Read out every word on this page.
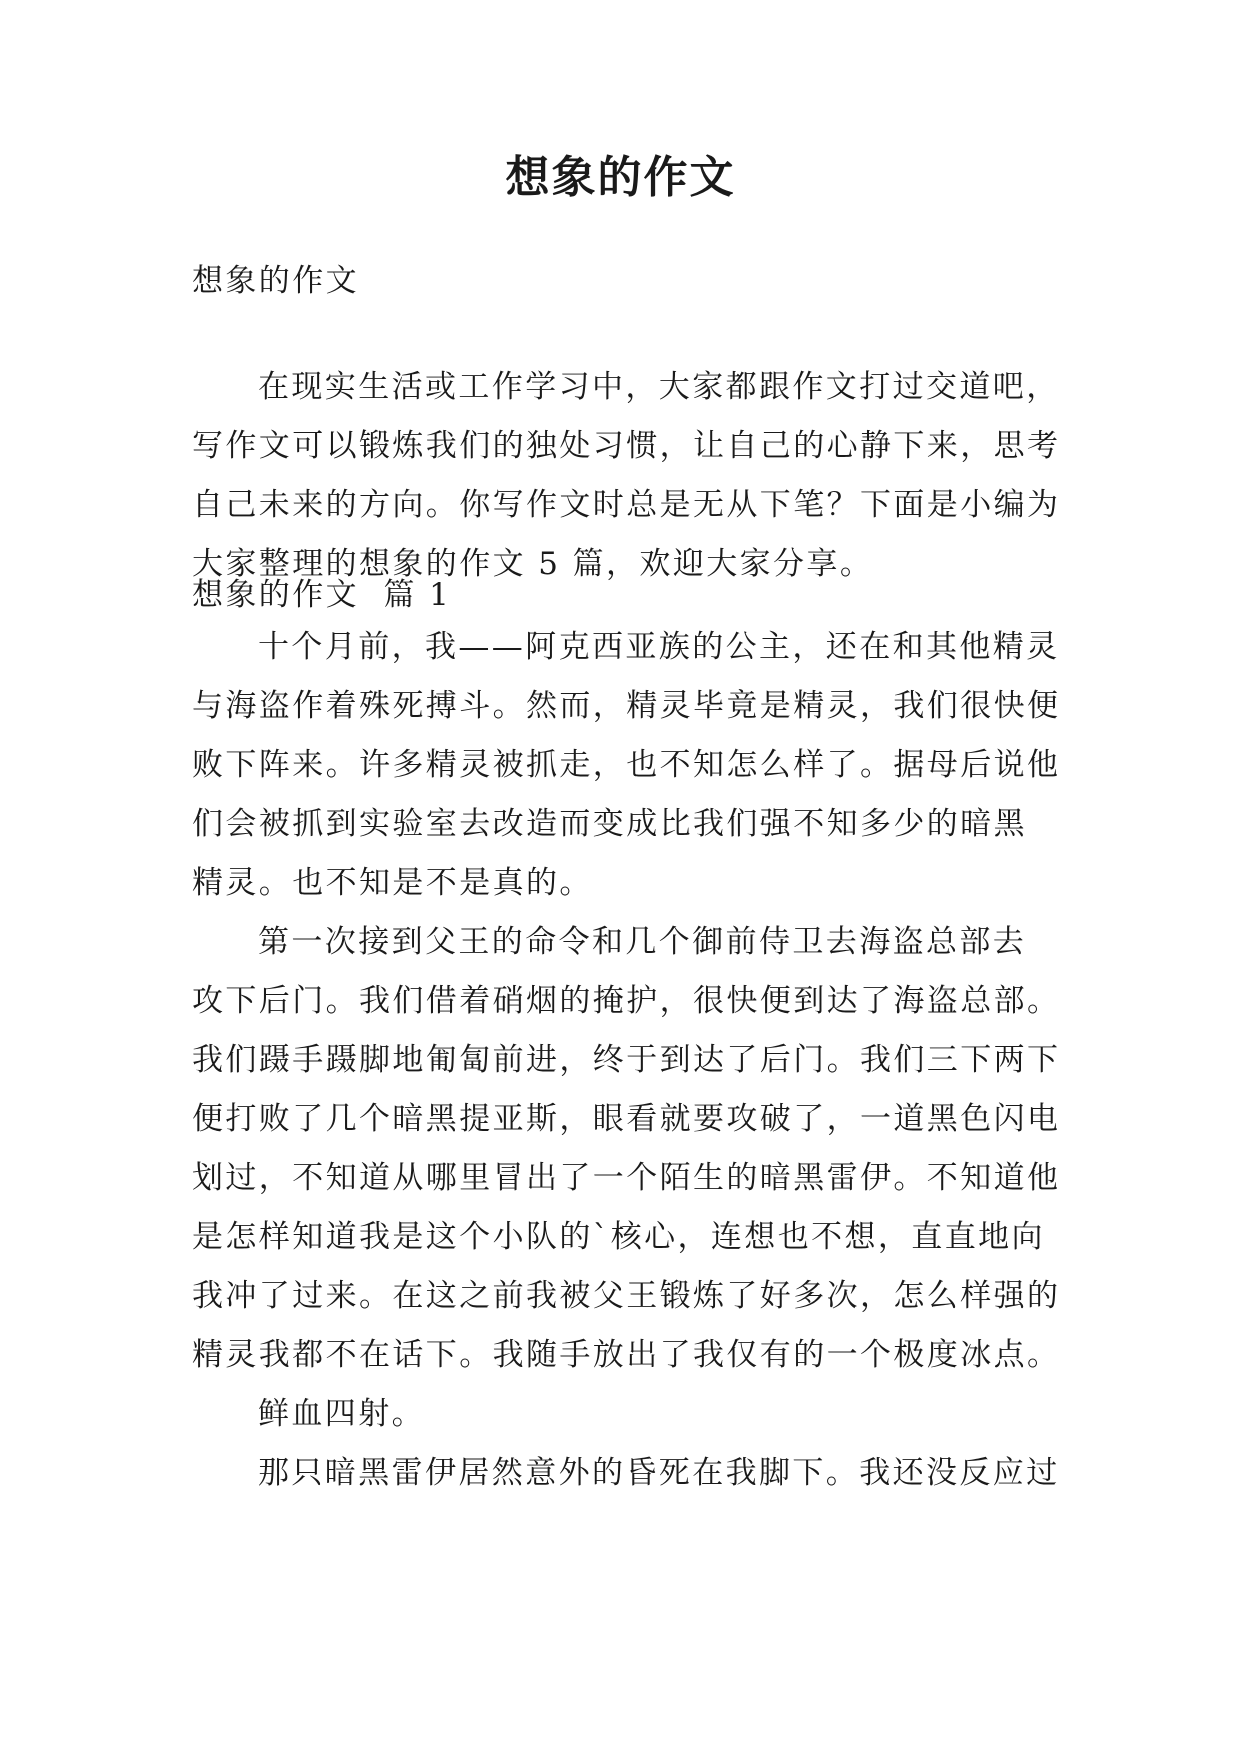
想象的作文

想象的作文

在现实生活或工作学习中，大家都跟作文打过交道吧，
写作文可以锻炼我们的独处习惯，让自己的心静下来，思考
自己未来的方向。你写作文时总是无从下笔？下面是小编为
大家整理的想象的作文 5 篇，欢迎大家分享。

想象的作文  篇 1

十个月前，我——阿克西亚族的公主，还在和其他精灵
与海盗作着殊死搏斗。然而，精灵毕竟是精灵，我们很快便
败下阵来。许多精灵被抓走，也不知怎么样了。据母后说他
们会被抓到实验室去改造而变成比我们强不知多少的暗黑
精灵。也不知是不是真的。

第一次接到父王的命令和几个御前侍卫去海盗总部去
攻下后门。我们借着硝烟的掩护，很快便到达了海盗总部。
我们蹑手蹑脚地匍匐前进，终于到达了后门。我们三下两下
便打败了几个暗黑提亚斯，眼看就要攻破了，一道黑色闪电
划过，不知道从哪里冒出了一个陌生的暗黑雷伊。不知道他
是怎样知道我是这个小队的`核心，连想也不想，直直地向
我冲了过来。在这之前我被父王锻炼了好多次，怎么样强的
精灵我都不在话下。我随手放出了我仅有的一个极度冰点。

鲜血四射。

那只暗黑雷伊居然意外的昏死在我脚下。我还没反应过
